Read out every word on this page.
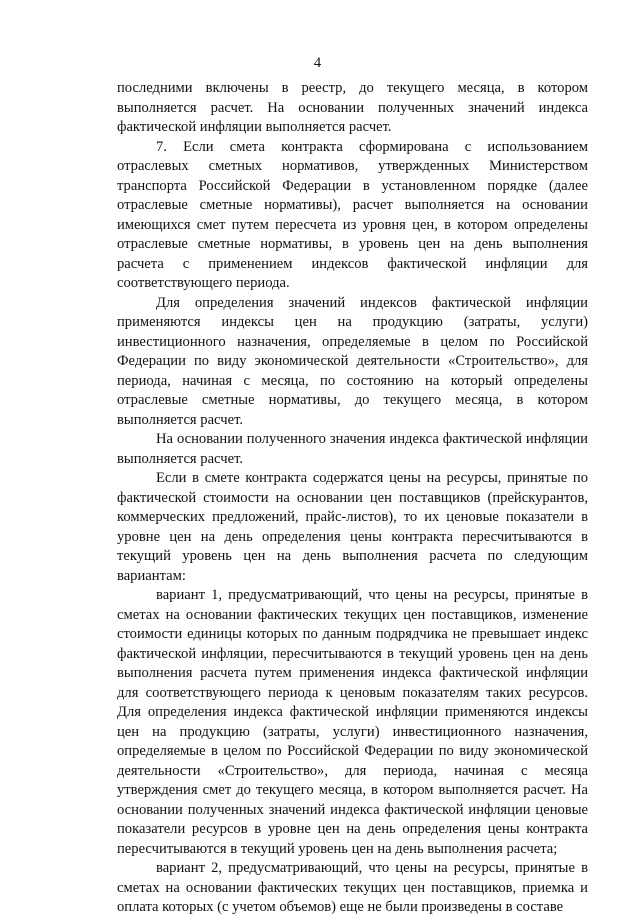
4

последними включены в реестр, до текущего месяца, в котором выполняется расчет. На основании полученных значений индекса фактической инфляции выполняется расчет.

7. Если смета контракта сформирована с использованием отраслевых сметных нормативов, утвержденных Министерством транспорта Российской Федерации в установленном порядке (далее отраслевые сметные нормативы), расчет выполняется на основании имеющихся смет путем пересчета из уровня цен, в котором определены отраслевые сметные нормативы, в уровень цен на день выполнения расчета с применением индексов фактической инфляции для соответствующего периода.

Для определения значений индексов фактической инфляции применяются индексы цен на продукцию (затраты, услуги) инвестиционного назначения, определяемые в целом по Российской Федерации по виду экономической деятельности «Строительство», для периода, начиная с месяца, по состоянию на который определены отраслевые сметные нормативы, до текущего месяца, в котором выполняется расчет.

На основании полученного значения индекса фактической инфляции выполняется расчет.

Если в смете контракта содержатся цены на ресурсы, принятые по фактической стоимости на основании цен поставщиков (прейскурантов, коммерческих предложений, прайс-листов), то их ценовые показатели в уровне цен на день определения цены контракта пересчитываются в текущий уровень цен на день выполнения расчета по следующим вариантам:

вариант 1, предусматривающий, что цены на ресурсы, принятые в сметах на основании фактических текущих цен поставщиков, изменение стоимости единицы которых по данным подрядчика не превышает индекс фактической инфляции, пересчитываются в текущий уровень цен на день выполнения расчета путем применения индекса фактической инфляции для соответствующего периода к ценовым показателям таких ресурсов. Для определения индекса фактической инфляции применяются индексы цен на продукцию (затраты, услуги) инвестиционного назначения, определяемые в целом по Российской Федерации по виду экономической деятельности «Строительство», для периода, начиная с месяца утверждения смет до текущего месяца, в котором выполняется расчет. На основании полученных значений индекса фактической инфляции ценовые показатели ресурсов в уровне цен на день определения цены контракта пересчитываются в текущий уровень цен на день выполнения расчета;

вариант 2, предусматривающий, что цены на ресурсы, принятые в сметах на основании фактических текущих цен поставщиков, приемка и оплата которых (с учетом объемов) еще не были произведены в составе
